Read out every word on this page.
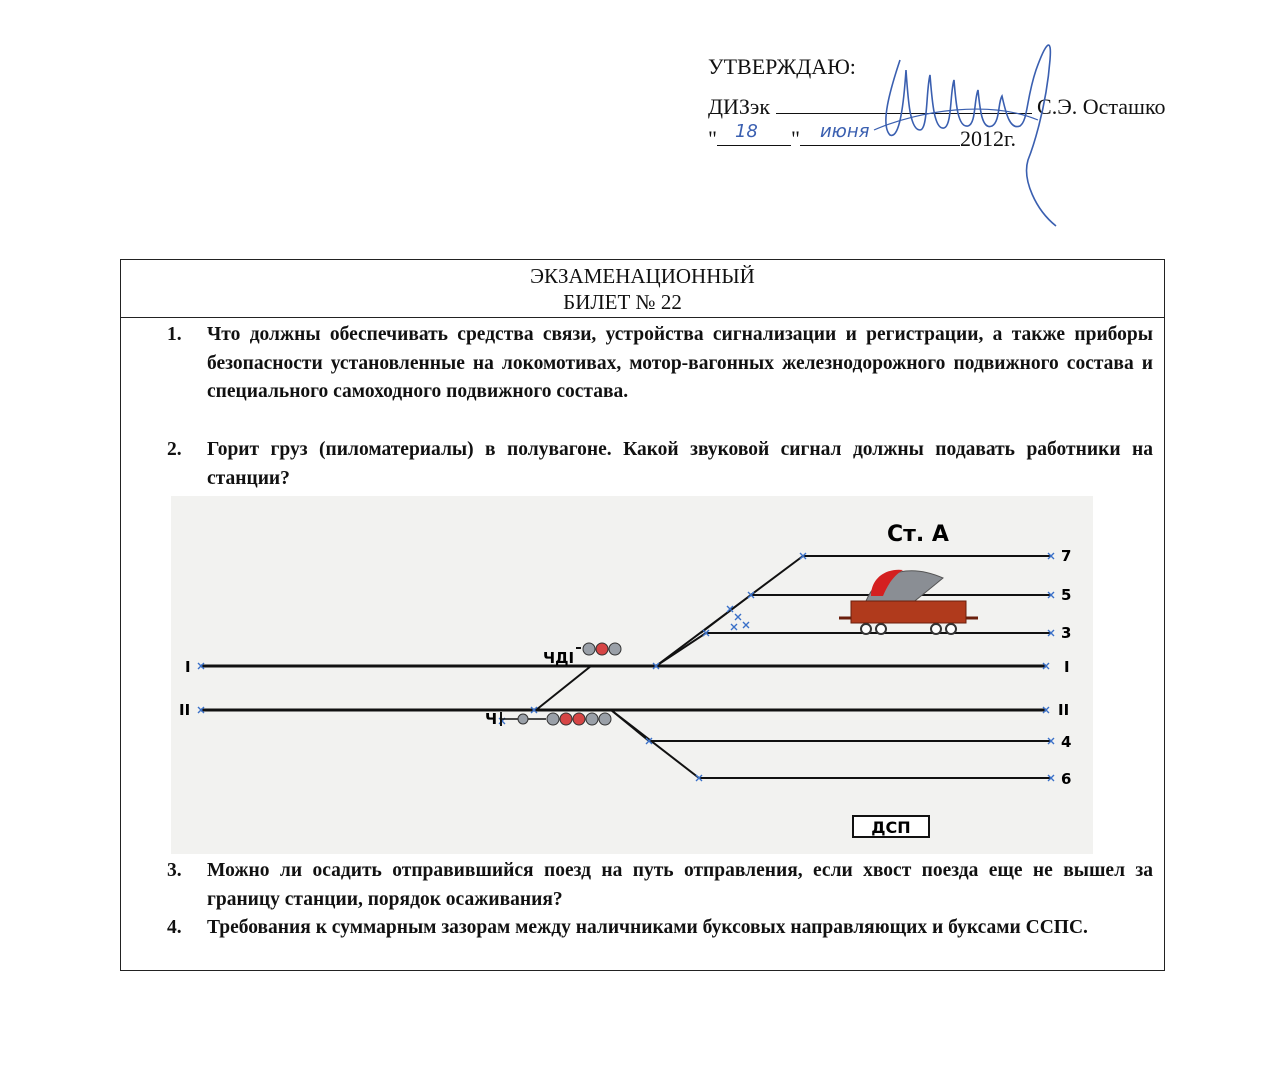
УТВЕРЖДАЮ:
ДИЗэк	С.Э. Осташко
" 18 " июня	2012г.
ЭКЗАМЕНАЦИОННЫЙ
БИЛЕТ № 22
1. Что должны обеспечивать средства связи, устройства сигнализации и регистрации, а также приборы безопасности установленные на локомотивах, мотор-вагонных железнодорожного подвижного состава и специального самоходного подвижного состава.
2. Горит груз (пиломатериалы) в полувагоне. Какой звуковой сигнал должны подавать работники на станции?
Ст. А
ЧДI
Ч
I
II
7
5
3
I
II
4
6
ДСП
3. Можно ли осадить отправившийся поезд на путь отправления, если хвост поезда еще не вышел за границу станции, порядок осаживания?
4. Требования к суммарным зазорам между наличниками буксовых направляющих и буксами ССПС.
